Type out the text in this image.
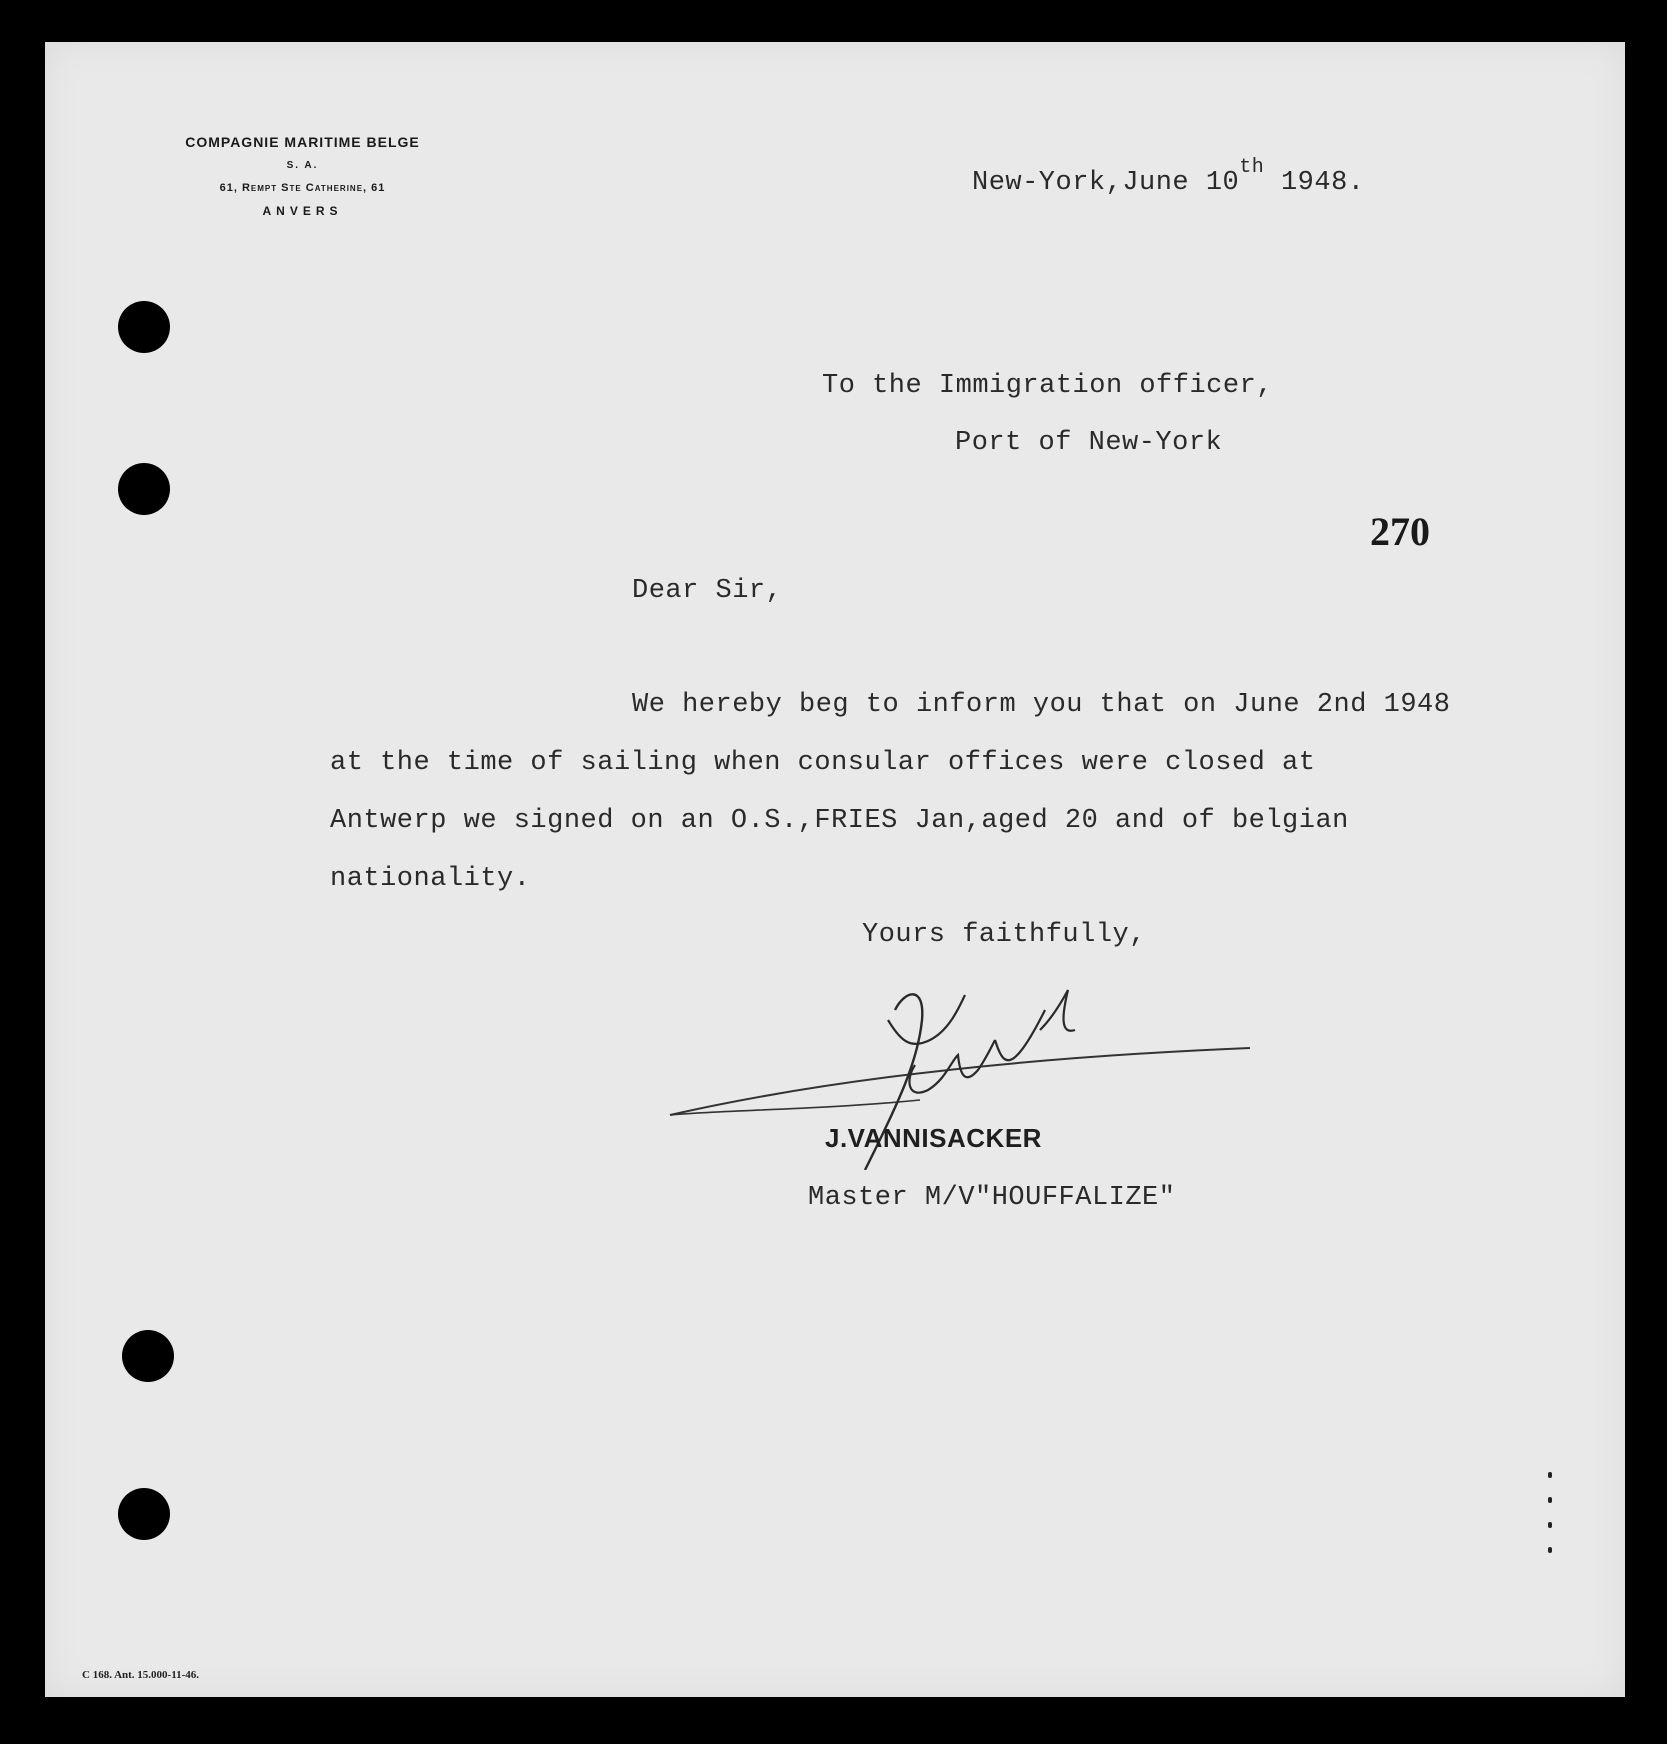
COMPAGNIE MARITIME BELGE
S. A.
61, Rempt Ste Catherine, 61
ANVERS
New-York,June 10th 1948.
To the Immigration officer,
Port of New-York
270
Dear Sir,
We hereby beg to inform you that on June 2nd 1948
at the time of sailing when consular offices were closed at
Antwerp we signed on an O.S.,FRIES Jan,aged 20 and of belgian
nationality.
Yours faithfully,
J.VANNISACKER
Master M/V"HOUFFALIZE"
C 168. Ant. 15.000-11-46.
